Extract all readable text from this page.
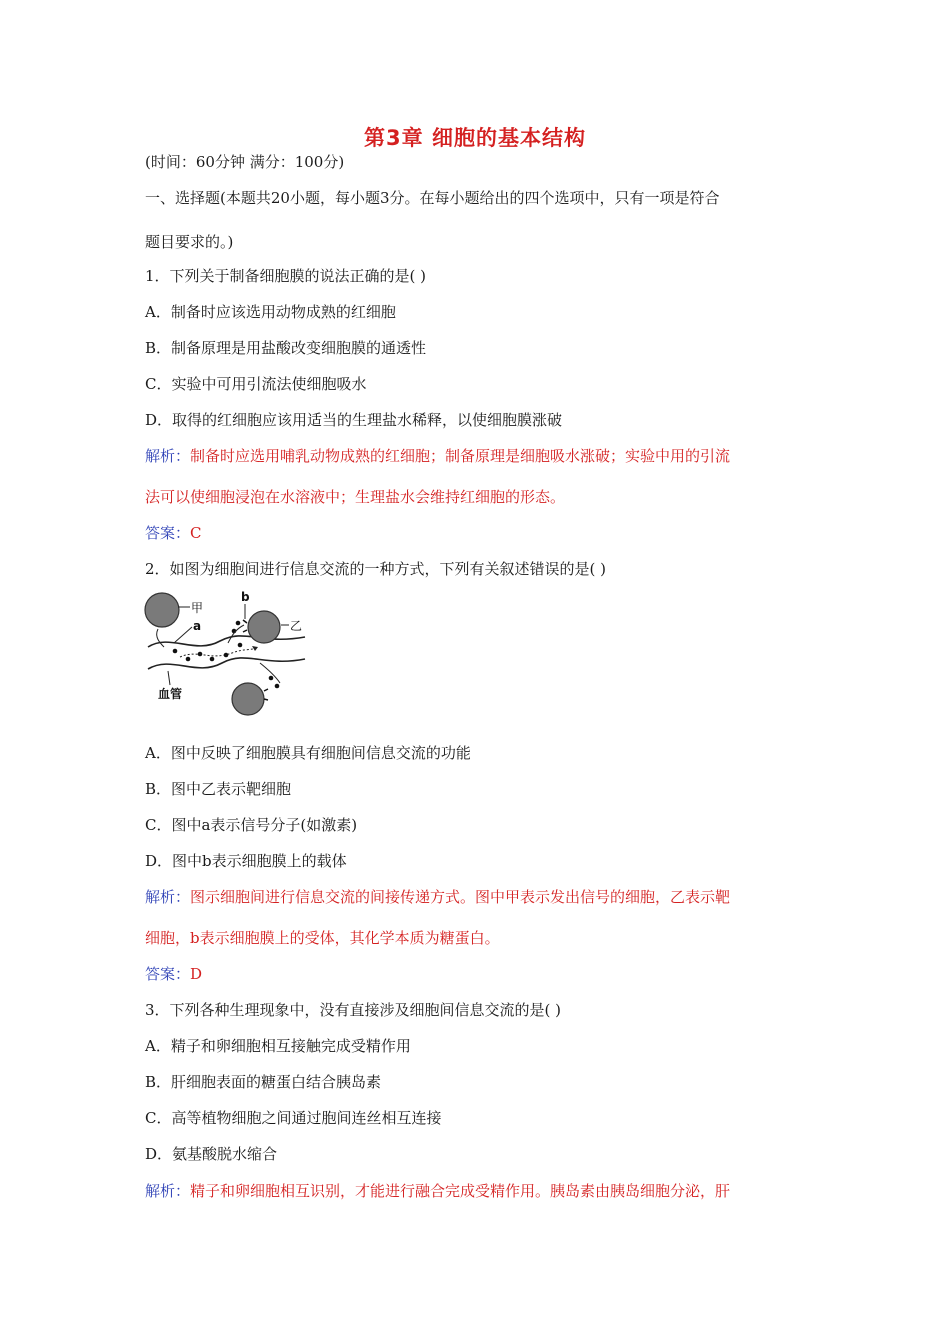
第3章 细胞的基本结构
(时间：60分钟 满分：100分)
一、选择题(本题共20小题，每小题3分。在每小题给出的四个选项中，只有一项是符合
题目要求的。)
1．下列关于制备细胞膜的说法正确的是( )
A．制备时应该选用动物成熟的红细胞
B．制备原理是用盐酸改变细胞膜的通透性
C．实验中可用引流法使细胞吸水
D．取得的红细胞应该用适当的生理盐水稀释，以使细胞膜涨破
解析：制备时应选用哺乳动物成熟的红细胞；制备原理是细胞吸水涨破；实验中用的引流
法可以使细胞浸泡在水溶液中；生理盐水会维持红细胞的形态。
答案：C
2．如图为细胞间进行信息交流的一种方式，下列有关叙述错误的是( )
甲
a	乙
b
血管
A．图中反映了细胞膜具有细胞间信息交流的功能
B．图中乙表示靶细胞
C．图中a表示信号分子(如激素)
D．图中b表示细胞膜上的载体
解析：图示细胞间进行信息交流的间接传递方式。图中甲表示发出信号的细胞，乙表示靶
细胞，b表示细胞膜上的受体，其化学本质为糖蛋白。
答案：D
3．下列各种生理现象中，没有直接涉及细胞间信息交流的是( )
A．精子和卵细胞相互接触完成受精作用
B．肝细胞表面的糖蛋白结合胰岛素
C．高等植物细胞之间通过胞间连丝相互连接
D．氨基酸脱水缩合
解析：精子和卵细胞相互识别，才能进行融合完成受精作用。胰岛素由胰岛细胞分泌，肝
